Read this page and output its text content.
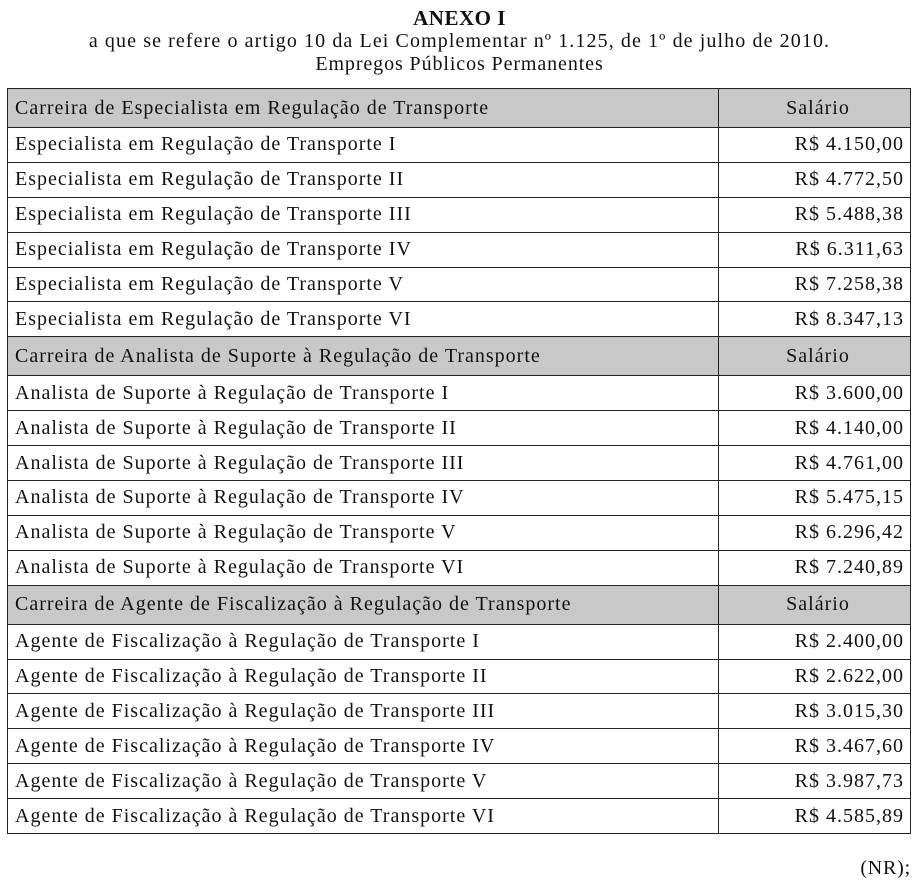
ANEXO I
a que se refere o artigo 10 da Lei Complementar nº 1.125, de 1º de julho de 2010.
Empregos Públicos Permanentes
Carreira de Especialista em Regulação de Transporte	Salário
Especialista em Regulação de Transporte I	R$ 4.150,00
Especialista em Regulação de Transporte II	R$ 4.772,50
Especialista em Regulação de Transporte III	R$ 5.488,38
Especialista em Regulação de Transporte IV	R$ 6.311,63
Especialista em Regulação de Transporte V	R$ 7.258,38
Especialista em Regulação de Transporte VI	R$ 8.347,13
Carreira de Analista de Suporte à Regulação de Transporte	Salário
Analista de Suporte à Regulação de Transporte I	R$ 3.600,00
Analista de Suporte à Regulação de Transporte II	R$ 4.140,00
Analista de Suporte à Regulação de Transporte III	R$ 4.761,00
Analista de Suporte à Regulação de Transporte IV	R$ 5.475,15
Analista de Suporte à Regulação de Transporte V	R$ 6.296,42
Analista de Suporte à Regulação de Transporte VI	R$ 7.240,89
Carreira de Agente de Fiscalização à Regulação de Transporte	Salário
Agente de Fiscalização à Regulação de Transporte I	R$ 2.400,00
Agente de Fiscalização à Regulação de Transporte II	R$ 2.622,00
Agente de Fiscalização à Regulação de Transporte III	R$ 3.015,30
Agente de Fiscalização à Regulação de Transporte IV	R$ 3.467,60
Agente de Fiscalização à Regulação de Transporte V	R$ 3.987,73
Agente de Fiscalização à Regulação de Transporte VI	R$ 4.585,89
(NR);
